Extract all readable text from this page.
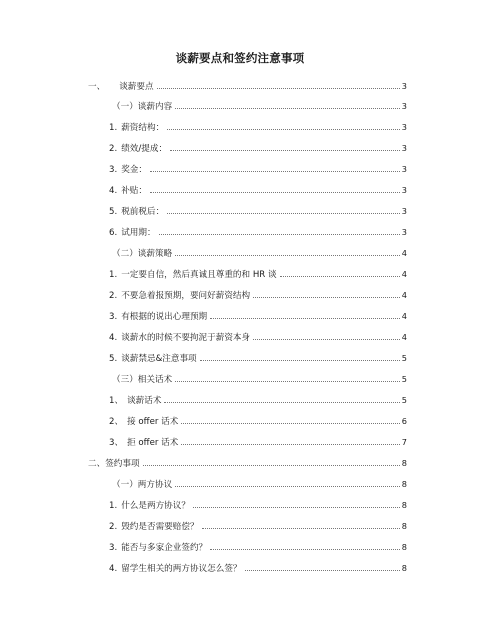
谈薪要点和签约注意事项
一、	谈薪要点	3
（一）谈薪内容	3
1. 薪资结构：	3
2. 绩效/提成：	3
3. 奖金：	3
4. 补贴：	3
5. 税前税后：	3
6. 试用期：	3
（二）谈薪策略	4
1. 一定要自信，然后真诚且尊重的和 HR 谈	4
2. 不要急着报预期，要问好薪资结构	4
3. 有根据的说出心理预期	4
4. 谈薪水的时候不要拘泥于薪资本身	4
5. 谈薪禁忌&注意事项	5
（三）相关话术	5
1、 谈薪话术	5
2、 接 offer 话术	6
3、 拒 offer 话术	7
二、 签约事项	8
（一）两方协议	8
1. 什么是两方协议？	8
2. 毁约是否需要赔偿？	8
3. 能否与多家企业签约？	8
4. 留学生相关的两方协议怎么签？	8
